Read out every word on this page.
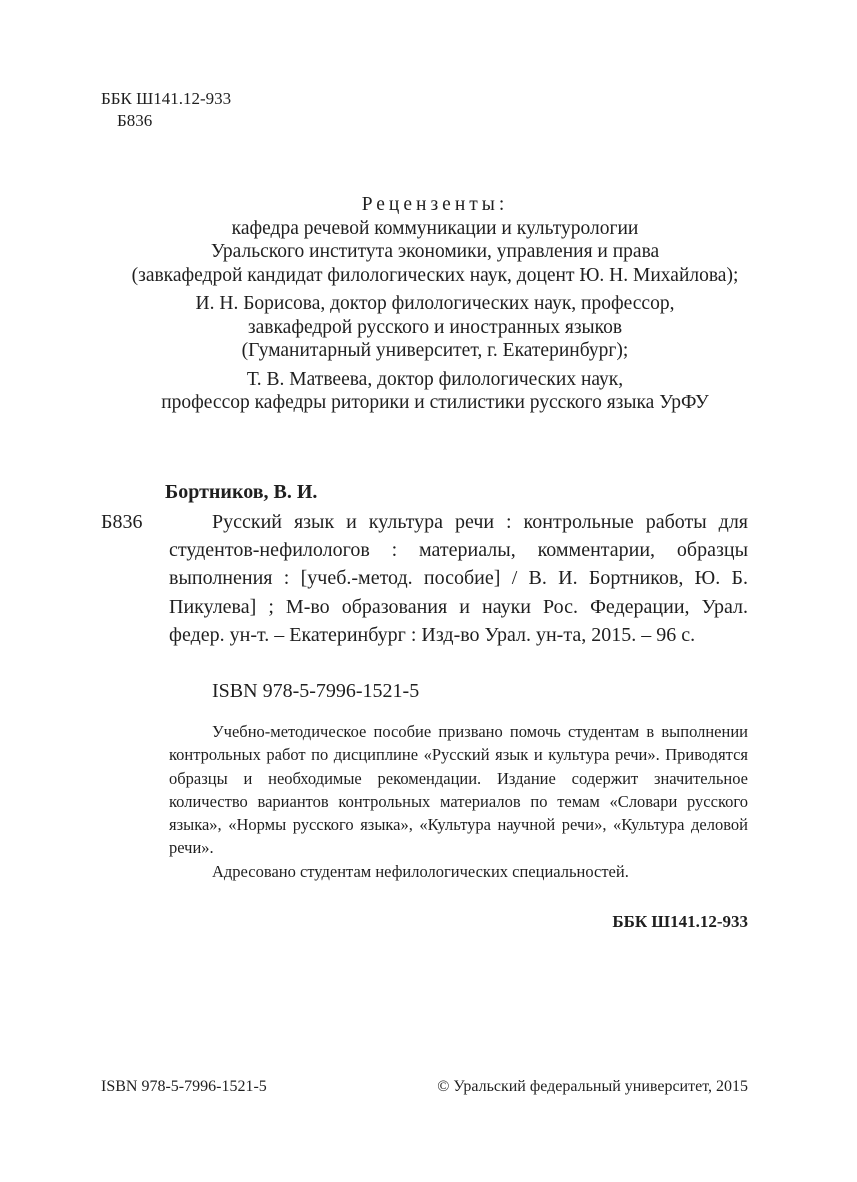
ББК Ш141.12-933
Б836
Рецензенты:
кафедра речевой коммуникации и культурологии
Уральского института экономики, управления и права
(завкафедрой кандидат филологических наук, доцент Ю. Н. Михайлова);
И. Н. Борисова, доктор филологических наук, профессор,
завкафедрой русского и иностранных языков
(Гуманитарный университет, г. Екатеринбург);
Т. В. Матвеева, доктор филологических наук,
профессор кафедры риторики и стилистики русского языка УрФУ
Бортников, В. И.
Б836	Русский язык и культура речи : контрольные работы для студентов-нефилологов : материалы, комментарии, образцы выполнения : [учеб.-метод. пособие] / В. И. Бортников, Ю. Б. Пикулева] ; М-во образования и науки Рос. Федерации, Урал. федер. ун-т. – Екатеринбург : Изд-во Урал. ун-та, 2015. – 96 с.
ISBN 978-5-7996-1521-5

Учебно-методическое пособие призвано помочь студентам в выполнении контрольных работ по дисциплине «Русский язык и культура речи». Приводятся образцы и необходимые рекомендации. Издание содержит значительное количество вариантов контрольных материалов по темам «Словари русского языка», «Нормы русского языка», «Культура научной речи», «Культура деловой речи».

Адресовано студентам нефилологических специальностей.

ББК Ш141.12-933
ISBN 978-5-7996-1521-5	© Уральский федеральный университет, 2015
